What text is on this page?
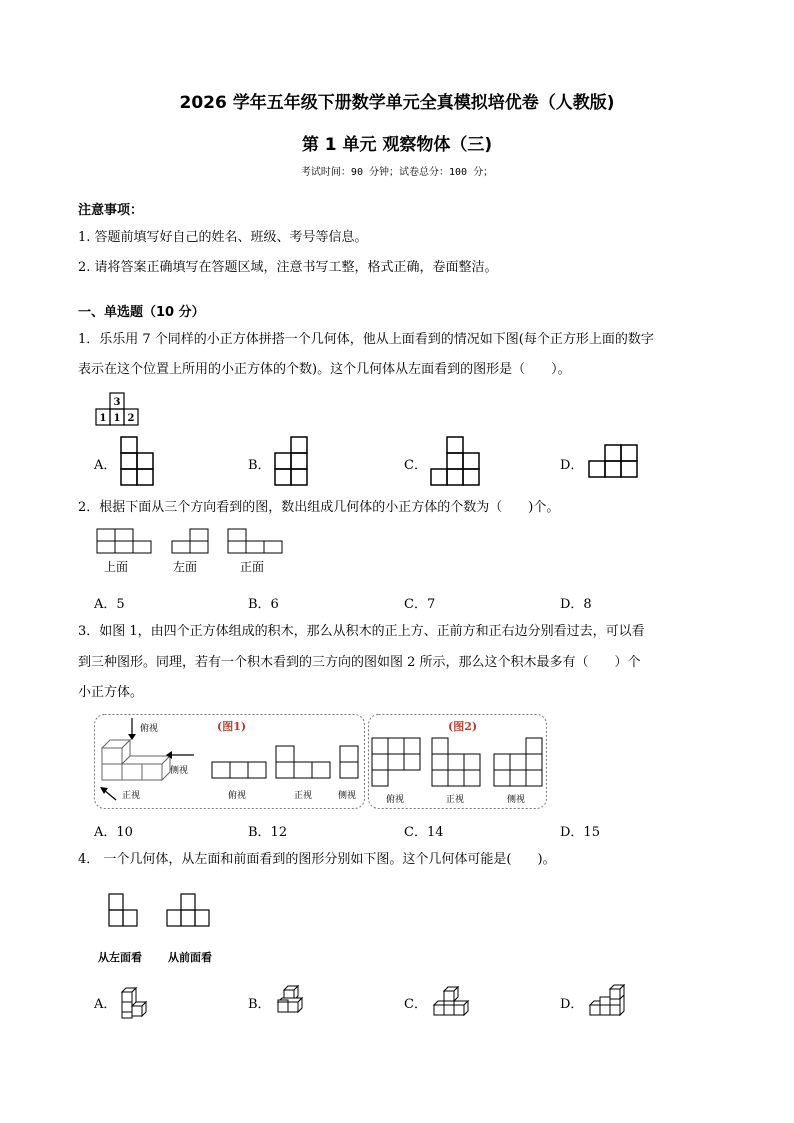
2026 学年五年级下册数学单元全真模拟培优卷（人教版)
第 1 单元 观察物体（三)
考试时间：90 分钟；试卷总分：100 分；
注意事项：
1. 答题前填写好自己的姓名、班级、考号等信息。
2. 请将答案正确填写在答题区域，注意书写工整，格式正确，卷面整洁。
一、单选题（10 分）
1．乐乐用 7 个同样的小正方体拼搭一个几何体，他从上面看到的情况如下图(每个正方形上面的数字
表示在这个位置上所用的小正方体的个数)。这个几何体从左面看到的图形是（　　）。
3
1 1 2
A．	B．	C．	D．
2．根据下面从三个方向看到的图，数出组成几何体的小正方体的个数为（　　)个。
上面	左面	正面
A．5	B．6	C．7	D．8
3．如图 1，由四个正方体组成的积木，那么从积木的正上方、正前方和正右边分别看过去，可以看
到三种图形。同理，若有一个积木看到的三方向的图如图 2 所示，那么这个积木最多有（　　）个
小正方体。
(图1)
俯视
侧视
正视	俯视	正视	侧视
(图2)
俯视	正视	侧视
A．10	B．12	C．14	D．15
4． 一个几何体，从左面和前面看到的图形分别如下图。这个几何体可能是(　　)。
从左面看 从前面看
A．	B．	C．	D．
